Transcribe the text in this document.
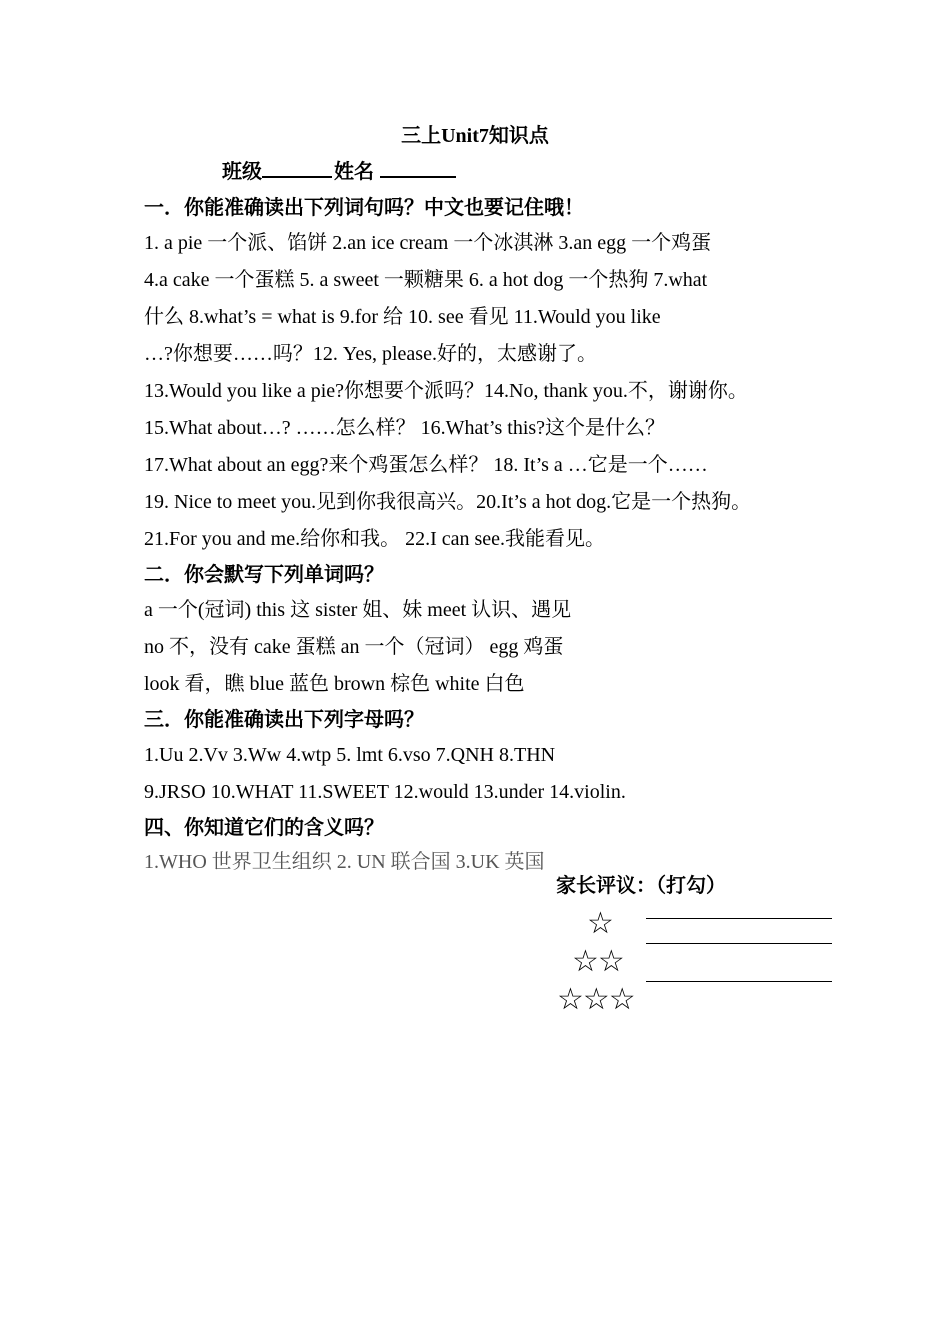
三上Unit7知识点
班级	姓名
一．你能准确读出下列词句吗？中文也要记住哦！
1. a pie 一个派、馅饼 2.an ice cream 一个冰淇淋 3.an egg 一个鸡蛋
4.a cake 一个蛋糕 5. a sweet 一颗糖果 6. a hot dog 一个热狗 7.what
什么 8.what’s = what is 9.for 给 10. see 看见 11.Would you like
…?你想要……吗？12. Yes, please.好的，太感谢了。
13.Would you like a pie?你想要个派吗？14.No, thank you.不，谢谢你。
15.What about…? ……怎么样？ 16.What’s this?这个是什么？
17.What about an egg?来个鸡蛋怎么样？ 18. It’s a …它是一个……
19. Nice to meet you.见到你我很高兴。20.It’s a hot dog.它是一个热狗。
21.For you and me.给你和我。 22.I can see.我能看见。
二．你会默写下列单词吗？
a 一个(冠词) this 这 sister 姐、妹 meet 认识、遇见
no 不，没有 cake 蛋糕 an 一个（冠词） egg 鸡蛋
look 看，瞧 blue 蓝色 brown 棕色 white 白色
三．你能准确读出下列字母吗？
1.Uu 2.Vv 3.Ww 4.wtp 5. lmt 6.vso 7.QNH 8.THN
9.JRSO 10.WHAT 11.SWEET 12.would 13.under 14.violin.
四、你知道它们的含义吗？
1.WHO 世界卫生组织 2. UN 联合国 3.UK 英国
家长评议：（打勾）
☆
☆☆
☆☆☆
